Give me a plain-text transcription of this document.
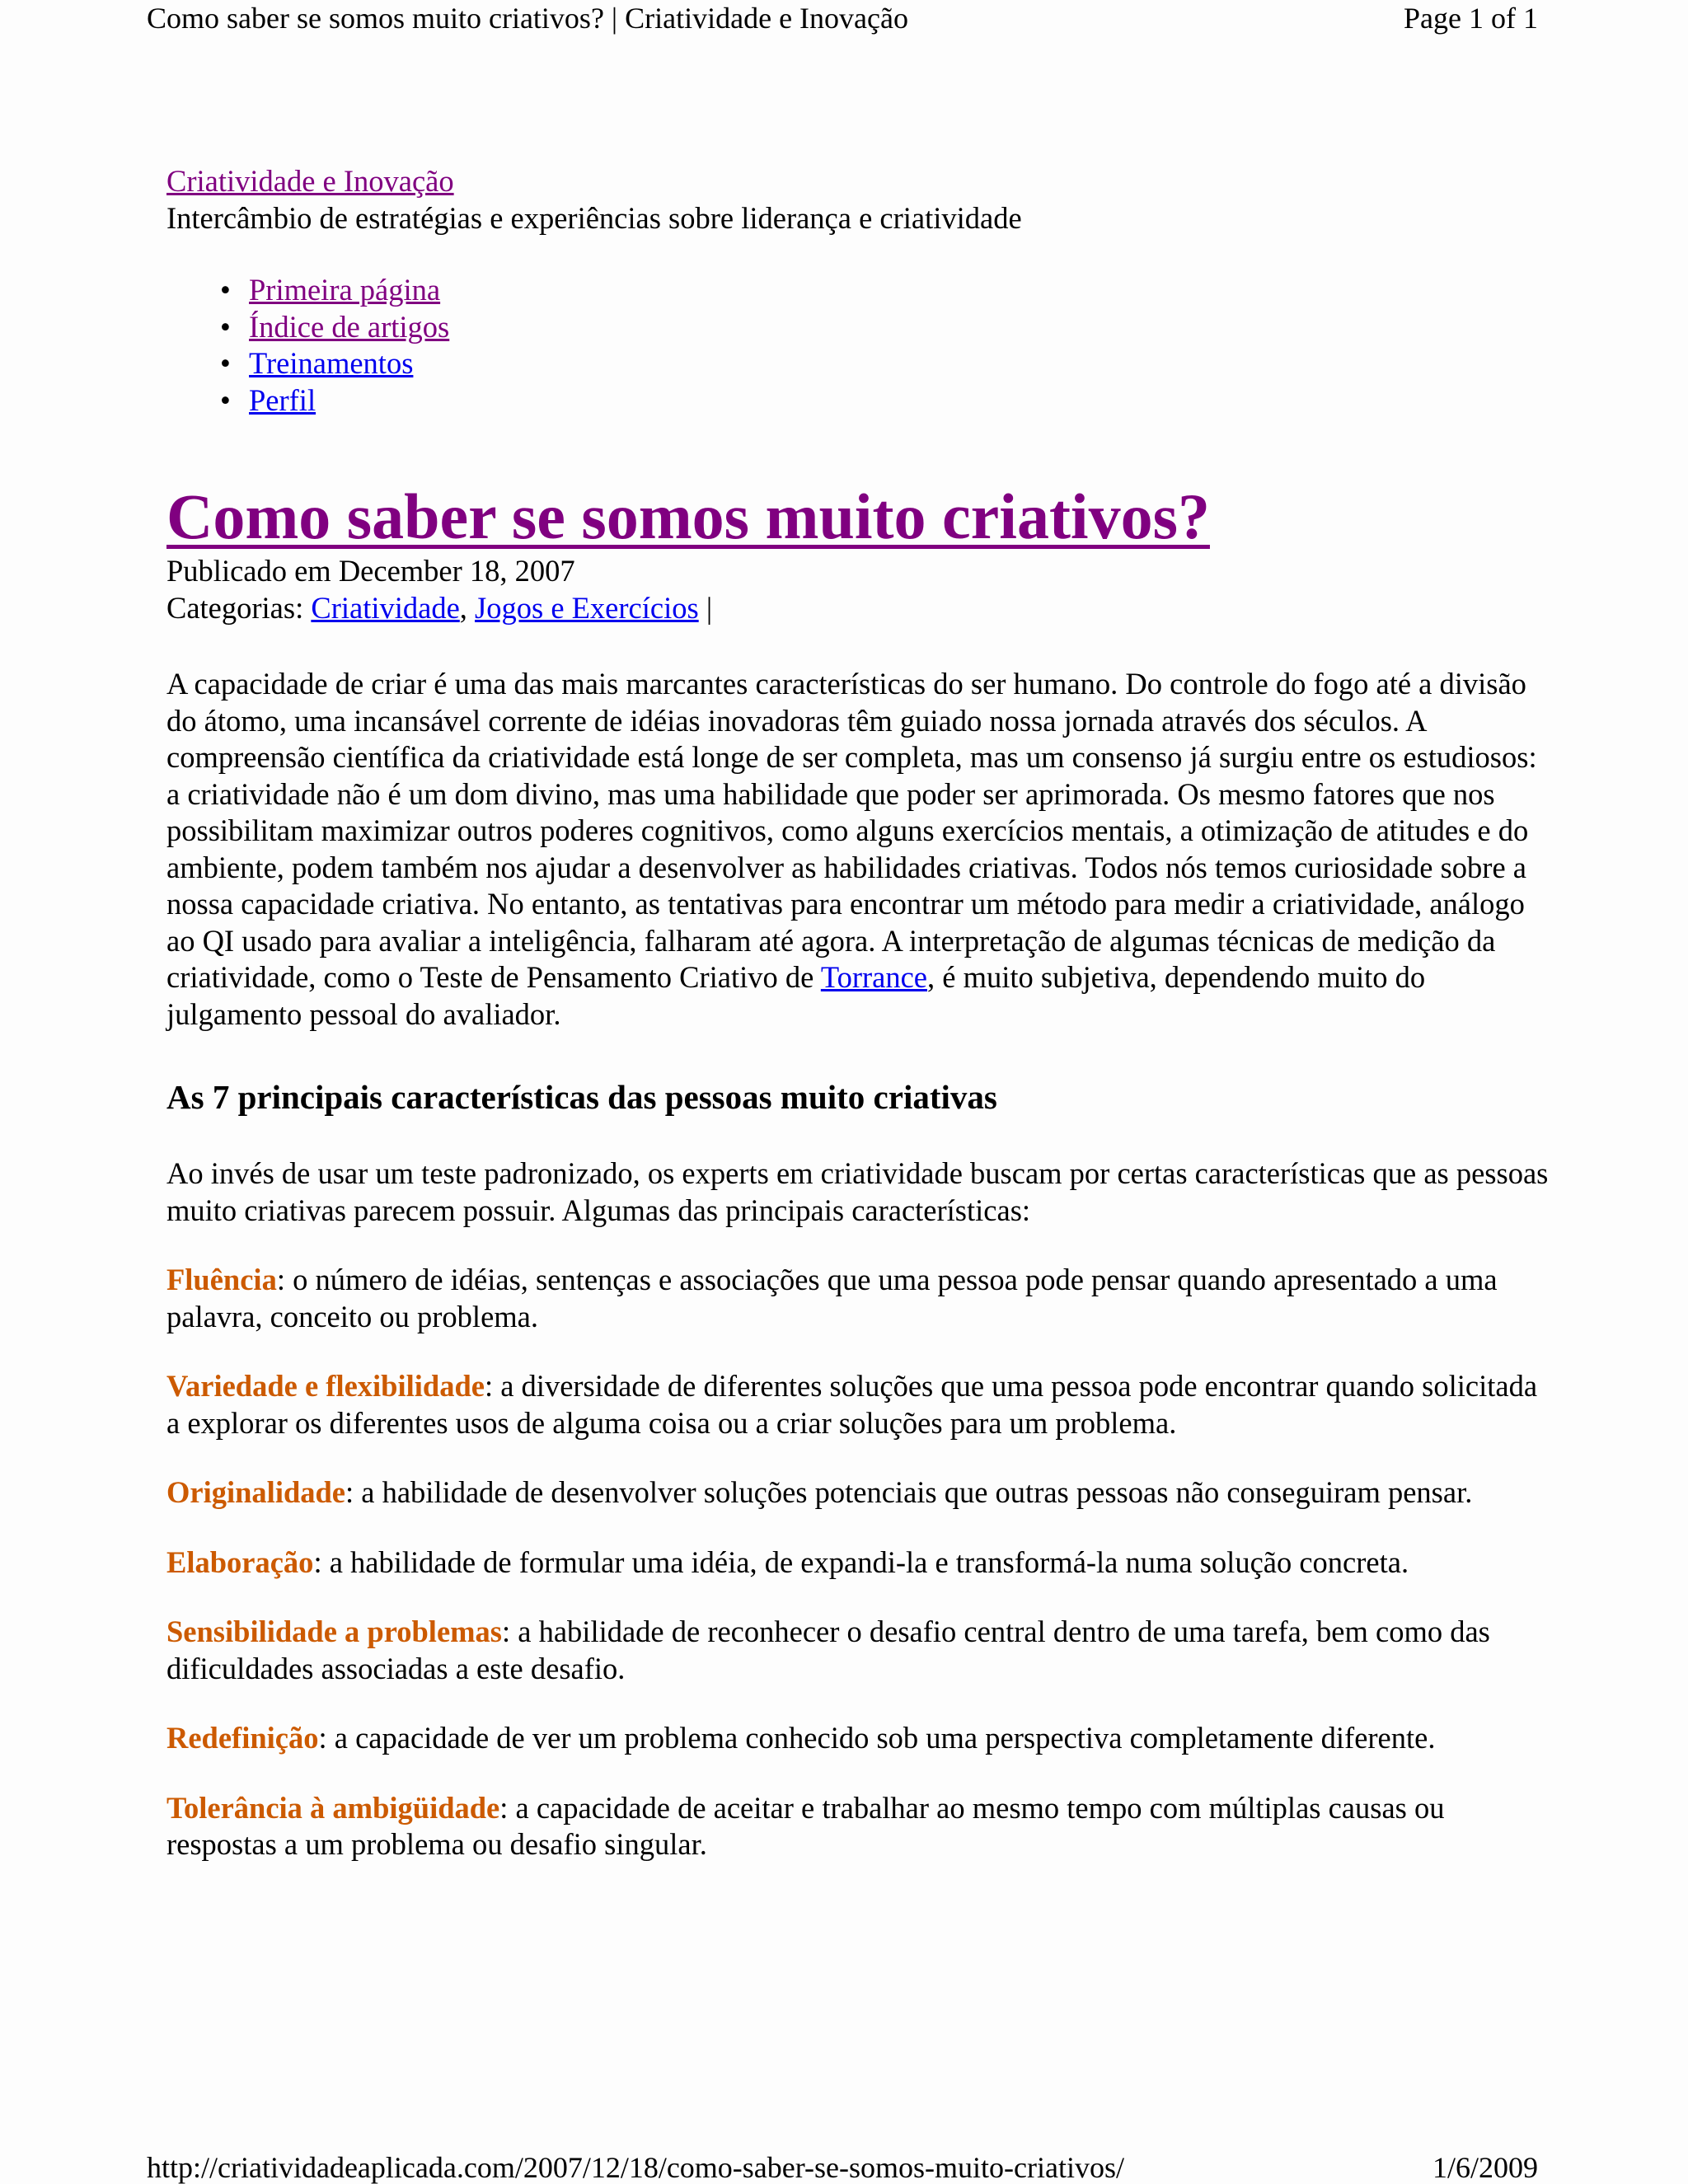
Como saber se somos muito criativos? | Criatividade e Inovação	Page 1 of 1

Criatividade e Inovação
Intercâmbio de estratégias e experiências sobre liderança e criatividade

• Primeira página
• Índice de artigos
• Treinamentos
• Perfil
Como saber se somos muito criativos?

Publicado em December 18, 2007
Categorias: Criatividade, Jogos e Exercícios |

A capacidade de criar é uma das mais marcantes características do ser humano. Do controle do fogo até a divisão do átomo, uma incansável corrente de idéias inovadoras têm guiado nossa jornada através dos séculos. A compreensão científica da criatividade está longe de ser completa, mas um consenso já surgiu entre os estudiosos: a criatividade não é um dom divino, mas uma habilidade que poder ser aprimorada. Os mesmo fatores que nos possibilitam maximizar outros poderes cognitivos, como alguns exercícios mentais, a otimização de atitudes e do ambiente, podem também nos ajudar a desenvolver as habilidades criativas. Todos nós temos curiosidade sobre a nossa capacidade criativa. No entanto, as tentativas para encontrar um método para medir a criatividade, análogo ao QI usado para avaliar a inteligência, falharam até agora. A interpretação de algumas técnicas de medição da criatividade, como o Teste de Pensamento Criativo de Torrance, é muito subjetiva, dependendo muito do julgamento pessoal do avaliador.

As 7 principais características das pessoas muito criativas

Ao invés de usar um teste padronizado, os experts em criatividade buscam por certas características que as pessoas muito criativas parecem possuir. Algumas das principais características:

Fluência: o número de idéias, sentenças e associações que uma pessoa pode pensar quando apresentado a uma palavra, conceito ou problema.

Variedade e flexibilidade: a diversidade de diferentes soluções que uma pessoa pode encontrar quando solicitada a explorar os diferentes usos de alguma coisa ou a criar soluções para um problema.

Originalidade: a habilidade de desenvolver soluções potenciais que outras pessoas não conseguiram pensar.

Elaboração: a habilidade de formular uma idéia, de expandi-la e transformá-la numa solução concreta.

Sensibilidade a problemas: a habilidade de reconhecer o desafio central dentro de uma tarefa, bem como das dificuldades associadas a este desafio.

Redefinição: a capacidade de ver um problema conhecido sob uma perspectiva completamente diferente.

Tolerância à ambigüidade: a capacidade de aceitar e trabalhar ao mesmo tempo com múltiplas causas ou respostas a um problema ou desafio singular.

http://criatividadeaplicada.com/2007/12/18/como-saber-se-somos-muito-criativos/	1/6/2009
